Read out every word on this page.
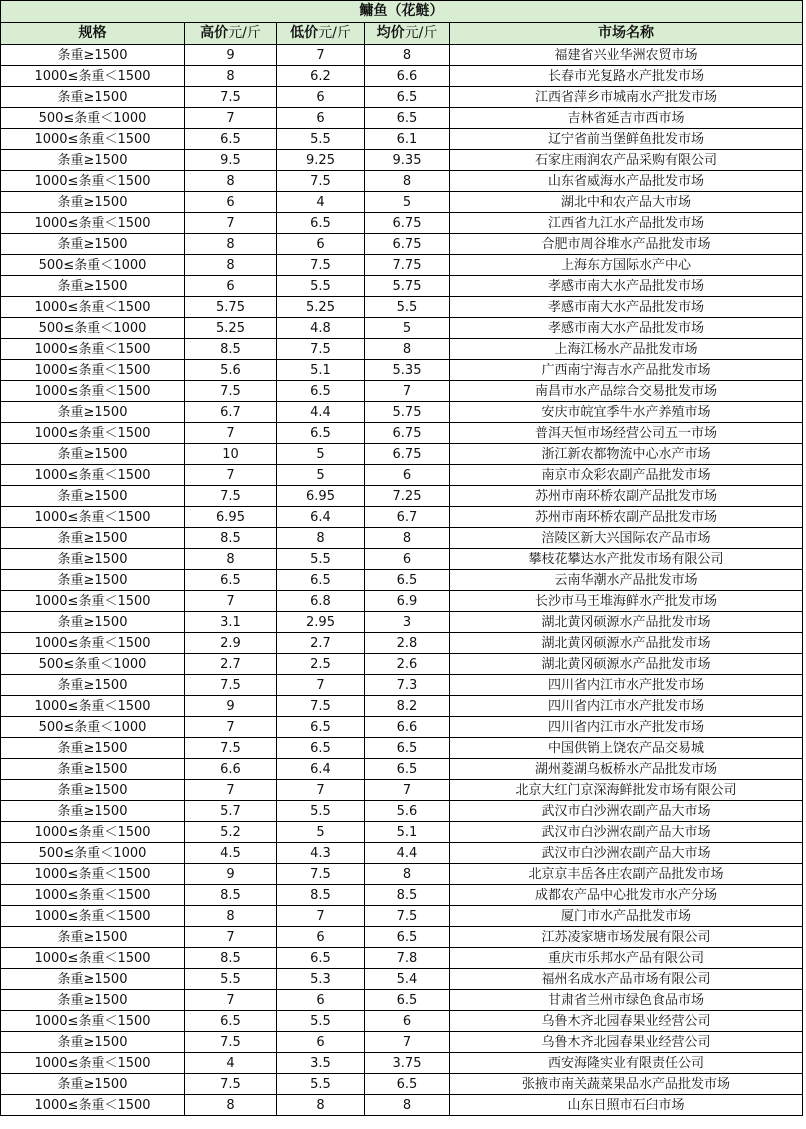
鳙鱼（花鲢）				
规格	高价元/斤	低价元/斤	均价元/斤	市场名称
条重≥1500	9	7	8	福建省兴业华洲农贸市场
1000≤条重＜1500	8	6.2	6.6	长春市光复路水产批发市场
条重≥1500	7.5	6	6.5	江西省萍乡市城南水产批发市场
500≤条重＜1000	7	6	6.5	吉林省延吉市西市场
1000≤条重＜1500	6.5	5.5	6.1	辽宁省前当堡鲜鱼批发市场
条重≥1500	9.5	9.25	9.35	石家庄雨润农产品采购有限公司
1000≤条重＜1500	8	7.5	8	山东省威海水产品批发市场
条重≥1500	6	4	5	湖北中和农产品大市场
1000≤条重＜1500	7	6.5	6.75	江西省九江水产品批发市场
条重≥1500	8	6	6.75	合肥市周谷堆水产品批发市场
500≤条重＜1000	8	7.5	7.75	上海东方国际水产中心
条重≥1500	6	5.5	5.75	孝感市南大水产品批发市场
1000≤条重＜1500	5.75	5.25	5.5	孝感市南大水产品批发市场
500≤条重＜1000	5.25	4.8	5	孝感市南大水产品批发市场
1000≤条重＜1500	8.5	7.5	8	上海江杨水产品批发市场
1000≤条重＜1500	5.6	5.1	5.35	广西南宁海吉水产品批发市场
1000≤条重＜1500	7.5	6.5	7	南昌市水产品综合交易批发市场
条重≥1500	6.7	4.4	5.75	安庆市皖宜季牛水产养殖市场
1000≤条重＜1500	7	6.5	6.75	普洱天恒市场经营公司五一市场
条重≥1500	10	5	6.75	浙江新农都物流中心水产市场
1000≤条重＜1500	7	5	6	南京市众彩农副产品批发市场
条重≥1500	7.5	6.95	7.25	苏州市南环桥农副产品批发市场
1000≤条重＜1500	6.95	6.4	6.7	苏州市南环桥农副产品批发市场
条重≥1500	8.5	8	8	涪陵区新大兴国际农产品市场
条重≥1500	8	5.5	6	攀枝花攀达水产批发市场有限公司
条重≥1500	6.5	6.5	6.5	云南华潮水产品批发市场
1000≤条重＜1500	7	6.8	6.9	长沙市马王堆海鲜水产批发市场
条重≥1500	3.1	2.95	3	湖北黄冈硕源水产品批发市场
1000≤条重＜1500	2.9	2.7	2.8	湖北黄冈硕源水产品批发市场
500≤条重＜1000	2.7	2.5	2.6	湖北黄冈硕源水产品批发市场
条重≥1500	7.5	7	7.3	四川省内江市水产批发市场
1000≤条重＜1500	9	7.5	8.2	四川省内江市水产批发市场
500≤条重＜1000	7	6.5	6.6	四川省内江市水产批发市场
条重≥1500	7.5	6.5	6.5	中国供销上饶农产品交易城
条重≥1500	6.6	6.4	6.5	湖州菱湖乌板桥水产品批发市场
条重≥1500	7	7	7	北京大红门京深海鲜批发市场有限公司
条重≥1500	5.7	5.5	5.6	武汉市白沙洲农副产品大市场
1000≤条重＜1500	5.2	5	5.1	武汉市白沙洲农副产品大市场
500≤条重＜1000	4.5	4.3	4.4	武汉市白沙洲农副产品大市场
1000≤条重＜1500	9	7.5	8	北京京丰岳各庄农副产品批发市场
1000≤条重＜1500	8.5	8.5	8.5	成都农产品中心批发市水产分场
1000≤条重＜1500	8	7	7.5	厦门市水产品批发市场
条重≥1500	7	6	6.5	江苏凌家塘市场发展有限公司
1000≤条重＜1500	8.5	6.5	7.8	重庆市乐邦水产品有限公司
条重≥1500	5.5	5.3	5.4	福州名成水产品市场有限公司
条重≥1500	7	6	6.5	甘肃省兰州市绿色食品市场
1000≤条重＜1500	6.5	5.5	6	乌鲁木齐北园春果业经营公司
条重≥1500	7.5	6	7	乌鲁木齐北园春果业经营公司
1000≤条重＜1500	4	3.5	3.75	西安海隆实业有限责任公司
条重≥1500	7.5	5.5	6.5	张掖市南关蔬菜果品水产品批发市场
1000≤条重＜1500	8	8	8	山东日照市石臼市场
